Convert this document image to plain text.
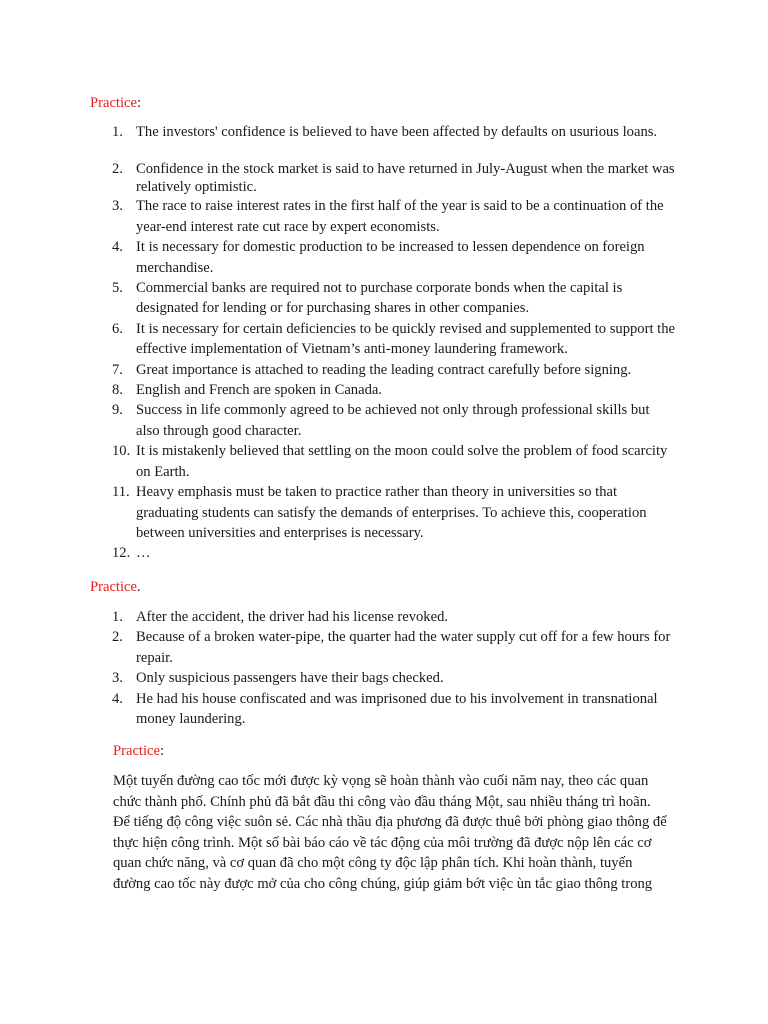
Practice:

1. The investors' confidence is believed to have been affected by defaults on usurious loans.
2. Confidence in the stock market is said to have returned in July-August when the market was relatively optimistic.
3. The race to raise interest rates in the first half of the year is said to be a continuation of the year-end interest rate cut race by expert economists.
4. It is necessary for domestic production to be increased to lessen dependence on foreign merchandise.
5. Commercial banks are required not to purchase corporate bonds when the capital is designated for lending or for purchasing shares in other companies.
6. It is necessary for certain deficiencies to be quickly revised and supplemented to support the effective implementation of Vietnam’s anti-money laundering framework.
7. Great importance is attached to reading the leading contract carefully before signing.
8. English and French are spoken in Canada.
9. Success in life commonly agreed to be achieved not only through professional skills but also through good character.
10. It is mistakenly believed that settling on the moon could solve the problem of food scarcity on Earth.
11. Heavy emphasis must be taken to practice rather than theory in universities so that graduating students can satisfy the demands of enterprises. To achieve this, cooperation between universities and enterprises is necessary.
12. …

Practice.

1. After the accident, the driver had his license revoked.
2. Because of a broken water-pipe, the quarter had the water supply cut off for a few hours for repair.
3. Only suspicious passengers have their bags checked.
4. He had his house confiscated and was imprisoned due to his involvement in transnational money laundering.

Practice:

Một tuyến đường cao tốc mới được kỳ vọng sẽ hoàn thành vào cuối năm nay, theo các quan chức thành phố. Chính phủ đã bắt đầu thi công vào đầu tháng Một, sau nhiều tháng trì hoãn. Để tiếng độ công việc suôn sẻ. Các nhà thầu địa phương đã được thuê bởi phòng giao thông để thực hiện công trình. Một số bài báo cáo về tác động của môi trường đã được nộp lên các cơ quan chức năng, và cơ quan đã cho một công ty độc lập phân tích. Khi hoàn thành, tuyến đường cao tốc này được mở của cho công chúng, giúp giảm bớt việc ùn tắc giao thông trong
